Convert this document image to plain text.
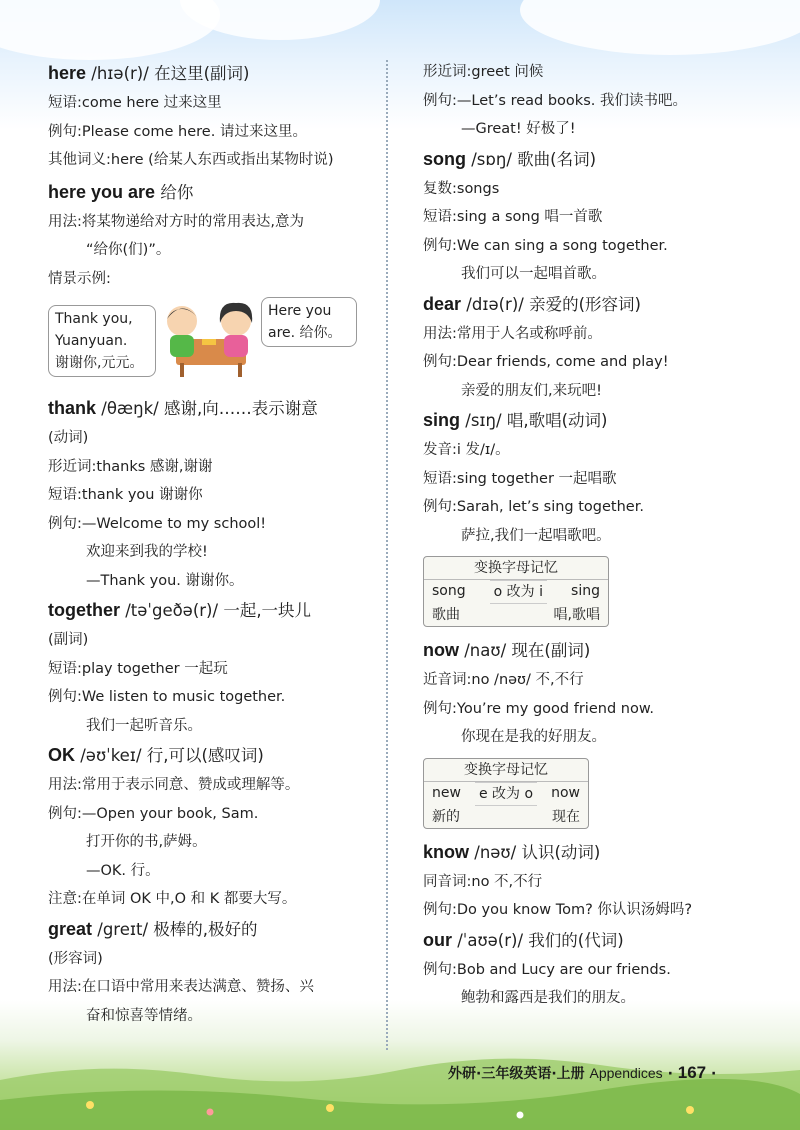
here /hɪə(r)/ 在这里(副词)
短语:come here 过来这里
例句:Please come here. 请过来这里。
其他词义:here (给某人东西或指出某物时说)
here you are 给你
用法:将某物递给对方时的常用表达,意为
“给你(们)”。
情景示例:
Thank you,
Yuanyuan.
谢谢你,元元。
Here you
are. 给你。
thank /θæŋk/ 感谢,向……表示谢意
(动词)
形近词:thanks 感谢,谢谢
短语:thank you 谢谢你
例句:—Welcome to my school!
欢迎来到我的学校!
—Thank you. 谢谢你。
together /təˈgeðə(r)/ 一起,一块儿
(副词)
短语:play together 一起玩
例句:We listen to music together.
我们一起听音乐。
OK /əʊˈkeɪ/ 行,可以(感叹词)
用法:常用于表示同意、赞成或理解等。
例句:—Open your book, Sam.
打开你的书,萨姆。
—OK. 行。
注意:在单词 OK 中,O 和 K 都要大写。
great /greɪt/ 极棒的,极好的
(形容词)
用法:在口语中常用来表达满意、赞扬、兴
奋和惊喜等情绪。
形近词:greet 问候
例句:—Let’s read books. 我们读书吧。
—Great! 好极了!
song /sɒŋ/ 歌曲(名词)
复数:songs
短语:sing a song 唱一首歌
例句:We can sing a song together.
我们可以一起唱首歌。
dear /dɪə(r)/ 亲爱的(形容词)
用法:常用于人名或称呼前。
例句:Dear friends, come and play!
亲爱的朋友们,来玩吧!
sing /sɪŋ/ 唱,歌唱(动词)
发音:i 发/ɪ/。
短语:sing together 一起唱歌
例句:Sarah, let’s sing together.
萨拉,我们一起唱歌吧。
变换字母记忆
song o 改为 i sing
歌曲	唱,歌唱
now /naʊ/ 现在(副词)
近音词:no /nəʊ/ 不,不行
例句:You’re my good friend now.
你现在是我的好朋友。
变换字母记忆
new e 改为 o now
新的	现在
know /nəʊ/ 认识(动词)
同音词:no 不,不行
例句:Do you know Tom? 你认识汤姆吗?
our /ˈaʊə(r)/ 我们的(代词)
例句:Bob and Lucy are our friends.
鲍勃和露西是我们的朋友。
外研·三年级英语·上册 Appendices · 167 ·
